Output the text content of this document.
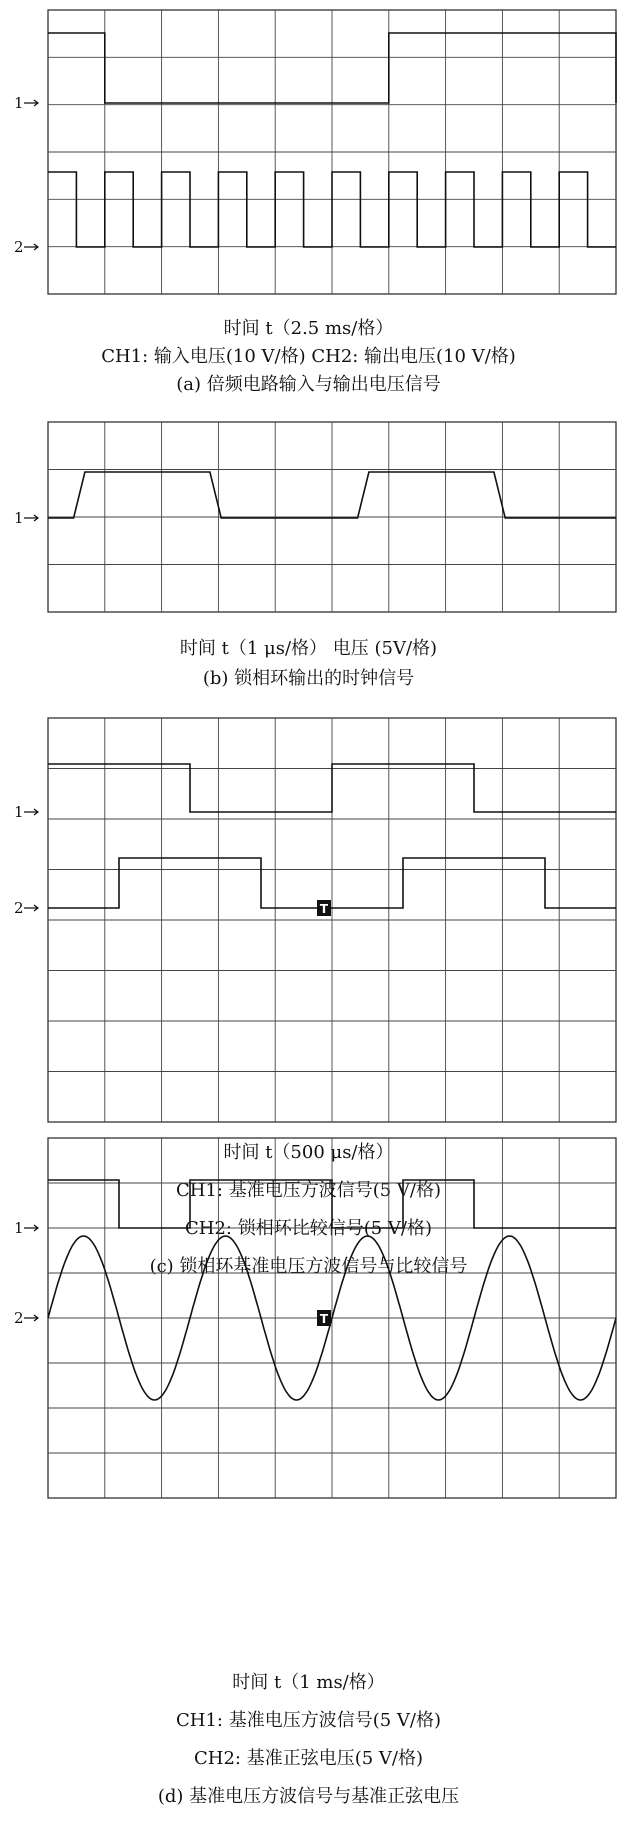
1
2
时间 t（2.5 ms/格）
CH1: 输入电压(10 V/格) CH2: 输出电压(10 V/格)
(a) 倍频电路输入与输出电压信号
1
时间 t（1 μs/格） 电压 (5V/格)
(b) 锁相环输出的时钟信号
1
2	T
时间 t（500 μs/格）
CH1: 基准电压方波信号(5 V/格)
CH2: 锁相环比较信号(5 V/格)
(c) 锁相环基准电压方波信号与比较信号
1
2	T
时间 t（1 ms/格）
CH1: 基准电压方波信号(5 V/格)
CH2: 基准正弦电压(5 V/格)
(d) 基准电压方波信号与基准正弦电压
